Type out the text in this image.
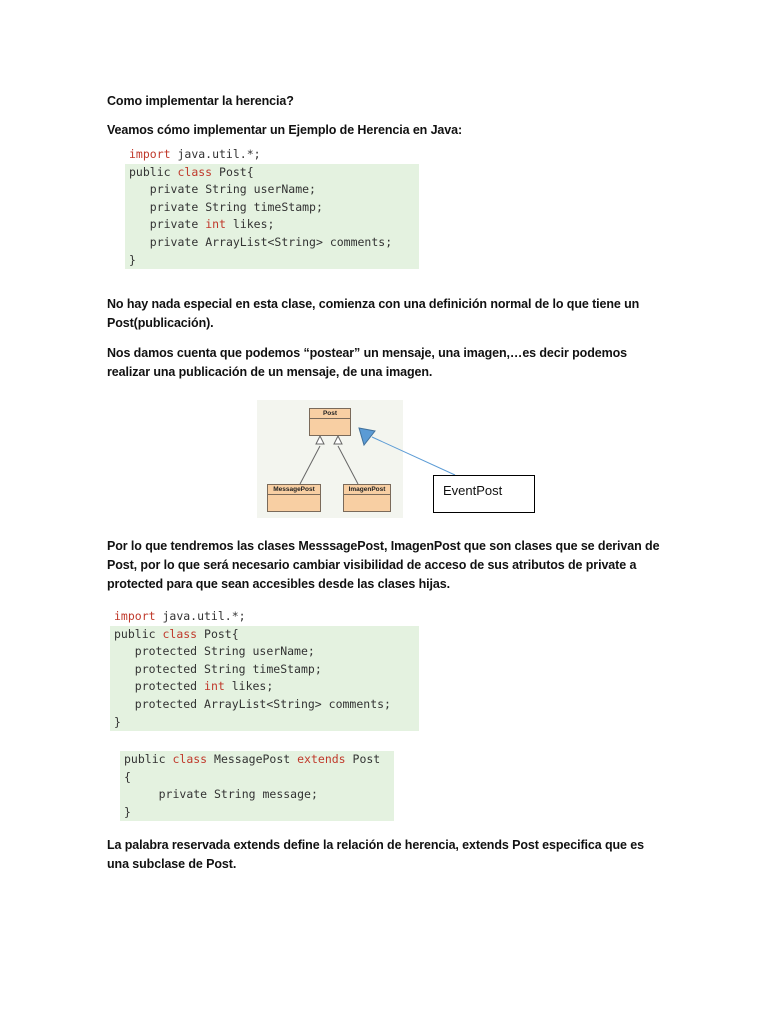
Como implementar la herencia?
Veamos cómo implementar un Ejemplo de Herencia en Java:
import java.util.*;
public class Post{
private String userName;
private String timeStamp;
private int likes;
private ArrayList<String> comments;
}
No hay nada especial en esta clase, comienza con una definición normal de lo que tiene un Post(publicación).
Nos damos cuenta que podemos “postear” un mensaje, una imagen,…es decir podemos realizar una publicación de un mensaje, de una imagen.
Post
MessagePost	ImagenPost	EventPost
Por lo que tendremos las clases MesssagePost, ImagenPost que son clases que se derivan de Post, por lo que será necesario cambiar visibilidad de acceso de sus atributos de private a protected para que sean accesibles desde las clases hijas.
import java.util.*;
public class Post{
protected String userName;
protected String timeStamp;
protected int likes;
protected ArrayList<String> comments;
}
public class MessagePost extends Post
{
private String message;
}
La palabra reservada extends define la relación de herencia, extends Post especifica que es una subclase de Post.
